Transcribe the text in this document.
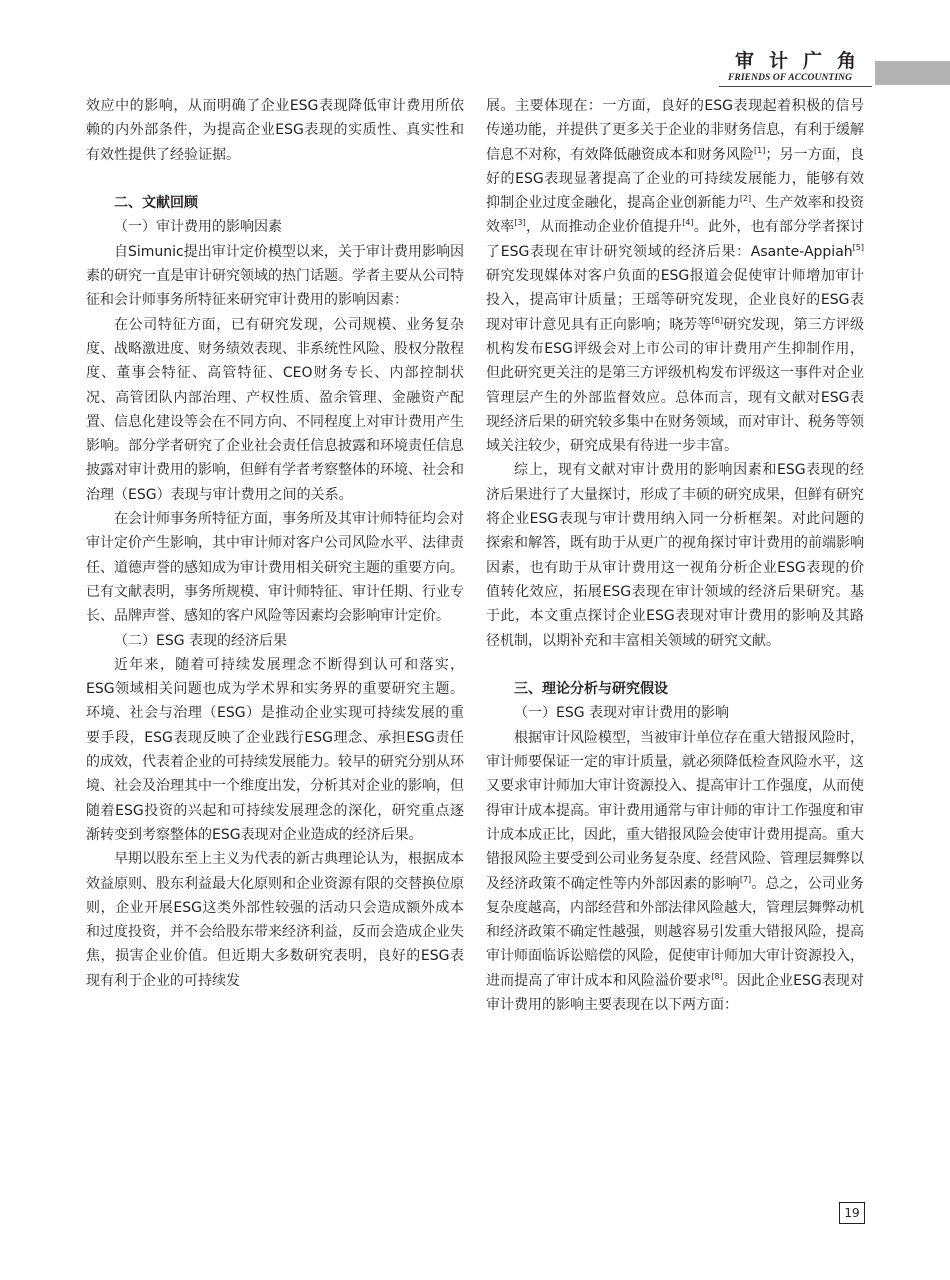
审计广角
FRIENDS OF ACCOUNTING

效应中的影响，从而明确了企业ESG表现降低审计费用所依赖的内外部条件，为提高企业ESG表现的实质性、真实性和有效性提供了经验证据。

二、文献回顾
（一）审计费用的影响因素

自Simunic提出审计定价模型以来，关于审计费用影响因素的研究一直是审计研究领域的热门话题。学者主要从公司特征和会计师事务所特征来研究审计费用的影响因素：

在公司特征方面，已有研究发现，公司规模、业务复杂度、战略激进度、财务绩效表现、非系统性风险、股权分散程度、董事会特征、高管特征、CEO财务专长、内部控制状况、高管团队内部治理、产权性质、盈余管理、金融资产配置、信息化建设等会在不同方向、不同程度上对审计费用产生影响。部分学者研究了企业社会责任信息披露和环境责任信息披露对审计费用的影响，但鲜有学者考察整体的环境、社会和治理（ESG）表现与审计费用之间的关系。

在会计师事务所特征方面，事务所及其审计师特征均会对审计定价产生影响，其中审计师对客户公司风险水平、法律责任、道德声誉的感知成为审计费用相关研究主题的重要方向。已有文献表明，事务所规模、审计师特征、审计任期、行业专长、品牌声誉、感知的客户风险等因素均会影响审计定价。

（二）ESG 表现的经济后果

近年来，随着可持续发展理念不断得到认可和落实，ESG领域相关问题也成为学术界和实务界的重要研究主题。环境、社会与治理（ESG）是推动企业实现可持续发展的重要手段，ESG表现反映了企业践行ESG理念、承担ESG责任的成效，代表着企业的可持续发展能力。较早的研究分别从环境、社会及治理其中一个维度出发，分析其对企业的影响，但随着ESG投资的兴起和可持续发展理念的深化，研究重点逐渐转变到考察整体的ESG表现对企业造成的经济后果。

早期以股东至上主义为代表的新古典理论认为，根据成本效益原则、股东利益最大化原则和企业资源有限的交替换位原则，企业开展ESG这类外部性较强的活动只会造成额外成本和过度投资，并不会给股东带来经济利益，反而会造成企业失焦，损害企业价值。但近期大多数研究表明，良好的ESG表现有利于企业的可持续发

展。主要体现在：一方面，良好的ESG表现起着积极的信号传递功能，并提供了更多关于企业的非财务信息，有利于缓解信息不对称，有效降低融资成本和财务风险[1]；另一方面，良好的ESG表现显著提高了企业的可持续发展能力，能够有效抑制企业过度金融化，提高企业创新能力[2]、生产效率和投资效率[3]，从而推动企业价值提升[4]。此外，也有部分学者探讨了ESG表现在审计研究领域的经济后果：Asante-Appiah[5]研究发现媒体对客户负面的ESG报道会促使审计师增加审计投入，提高审计质量；王瑶等研究发现，企业良好的ESG表现对审计意见具有正向影响；晓芳等[6]研究发现，第三方评级机构发布ESG评级会对上市公司的审计费用产生抑制作用，但此研究更关注的是第三方评级机构发布评级这一事件对企业管理层产生的外部监督效应。总体而言，现有文献对ESG表现经济后果的研究较多集中在财务领域，而对审计、税务等领域关注较少，研究成果有待进一步丰富。

综上，现有文献对审计费用的影响因素和ESG表现的经济后果进行了大量探讨，形成了丰硕的研究成果，但鲜有研究将企业ESG表现与审计费用纳入同一分析框架。对此问题的探索和解答，既有助于从更广的视角探讨审计费用的前端影响因素，也有助于从审计费用这一视角分析企业ESG表现的价值转化效应，拓展ESG表现在审计领域的经济后果研究。基于此，本文重点探讨企业ESG表现对审计费用的影响及其路径机制，以期补充和丰富相关领域的研究文献。

三、理论分析与研究假设
（一）ESG 表现对审计费用的影响

根据审计风险模型，当被审计单位存在重大错报风险时，审计师要保证一定的审计质量，就必须降低检查风险水平，这又要求审计师加大审计资源投入、提高审计工作强度，从而使得审计成本提高。审计费用通常与审计师的审计工作强度和审计成本成正比，因此，重大错报风险会使审计费用提高。重大错报风险主要受到公司业务复杂度、经营风险、管理层舞弊以及经济政策不确定性等内外部因素的影响[7]。总之，公司业务复杂度越高，内部经营和外部法律风险越大，管理层舞弊动机和经济政策不确定性越强，则越容易引发重大错报风险，提高审计师面临诉讼赔偿的风险，促使审计师加大审计资源投入，进而提高了审计成本和风险溢价要求[8]。因此企业ESG表现对审计费用的影响主要表现在以下两方面：

19
